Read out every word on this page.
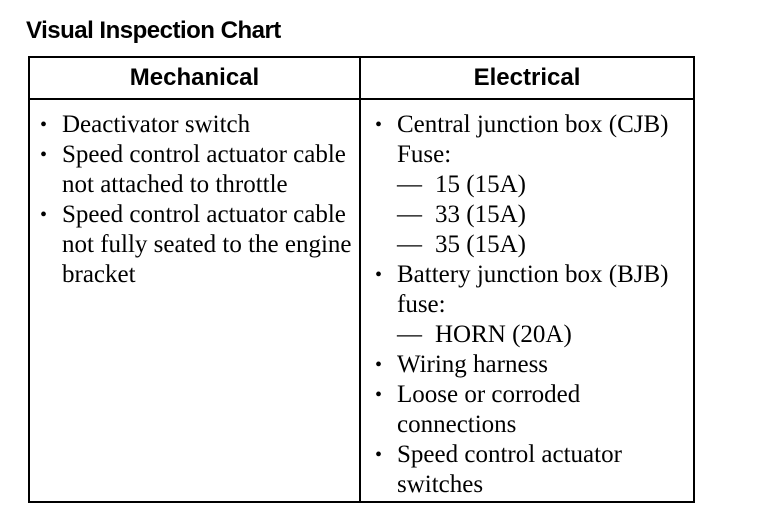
Visual Inspection Chart
Mechanical	Electrical
• Deactivator switch
• Speed control actuator cable not attached to throttle
• Speed control actuator cable not fully seated to the engine bracket
• Central junction box (CJB) Fuse:
— 15 (15A)
— 33 (15A)
— 35 (15A)
• Battery junction box (BJB) fuse:
— HORN (20A)
• Wiring harness
• Loose or corroded connections
• Speed control actuator switches
